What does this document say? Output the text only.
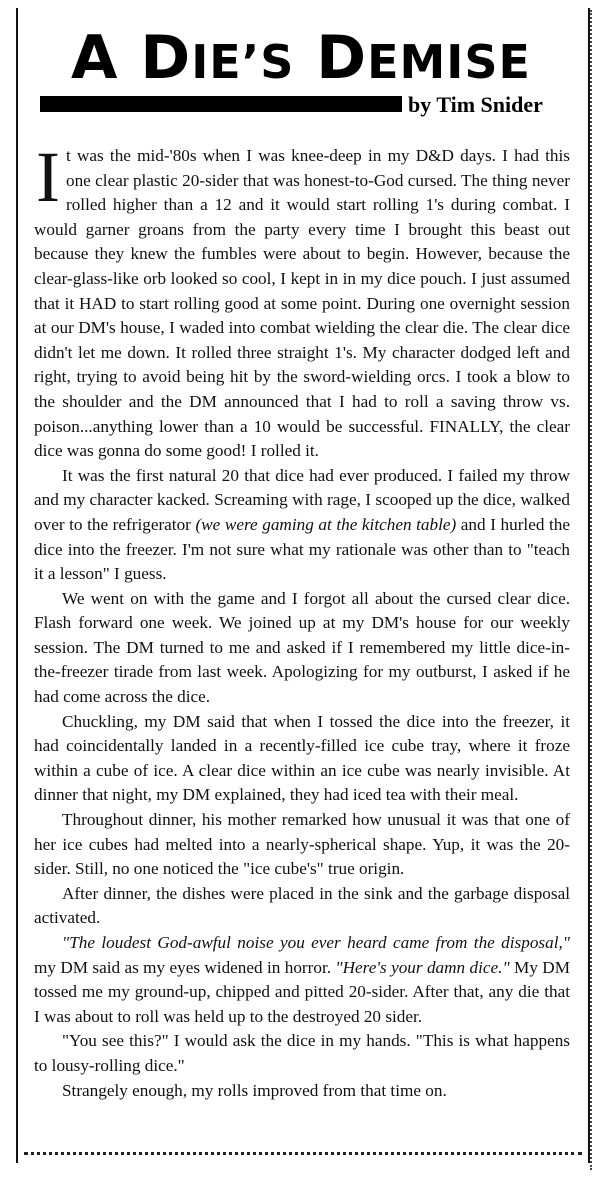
A DIE’S DEMISE
by Tim Snider

It was the mid-'80s when I was knee-deep in my D&D days. I had this one clear plastic 20-sider that was honest-to-God cursed. The thing never rolled higher than a 12 and it would start rolling 1's during combat. I would garner groans from the party every time I brought this beast out because they knew the fumbles were about to begin. However, because the clear-glass-like orb looked so cool, I kept in in my dice pouch. I just assumed that it HAD to start rolling good at some point. During one overnight session at our DM's house, I waded into combat wielding the clear die. The clear dice didn't let me down. It rolled three straight 1's. My character dodged left and right, trying to avoid being hit by the sword-wielding orcs. I took a blow to the shoulder and the DM announced that I had to roll a saving throw vs. poison...anything lower than a 10 would be successful. FINALLY, the clear dice was gonna do some good! I rolled it.

It was the first natural 20 that dice had ever produced. I failed my throw and my character kacked. Screaming with rage, I scooped up the dice, walked over to the refrigerator (we were gaming at the kitchen table) and I hurled the dice into the freezer. I'm not sure what my rationale was other than to "teach it a lesson" I guess.

We went on with the game and I forgot all about the cursed clear dice. Flash forward one week. We joined up at my DM's house for our weekly session. The DM turned to me and asked if I remembered my little dice-in-the-freezer tirade from last week. Apologizing for my outburst, I asked if he had come across the dice.

Chuckling, my DM said that when I tossed the dice into the freezer, it had coincidentally landed in a recently-filled ice cube tray, where it froze within a cube of ice. A clear dice within an ice cube was nearly invisible. At dinner that night, my DM explained, they had iced tea with their meal.

Throughout dinner, his mother remarked how unusual it was that one of her ice cubes had melted into a nearly-spherical shape. Yup, it was the 20-sider. Still, no one noticed the "ice cube's" true origin.

After dinner, the dishes were placed in the sink and the garbage disposal activated.

"The loudest God-awful noise you ever heard came from the disposal," my DM said as my eyes widened in horror. "Here's your damn dice." My DM tossed me my ground-up, chipped and pitted 20-sider. After that, any die that I was about to roll was held up to the destroyed 20 sider.

"You see this?" I would ask the dice in my hands. "This is what happens to lousy-rolling dice."

Strangely enough, my rolls improved from that time on.
